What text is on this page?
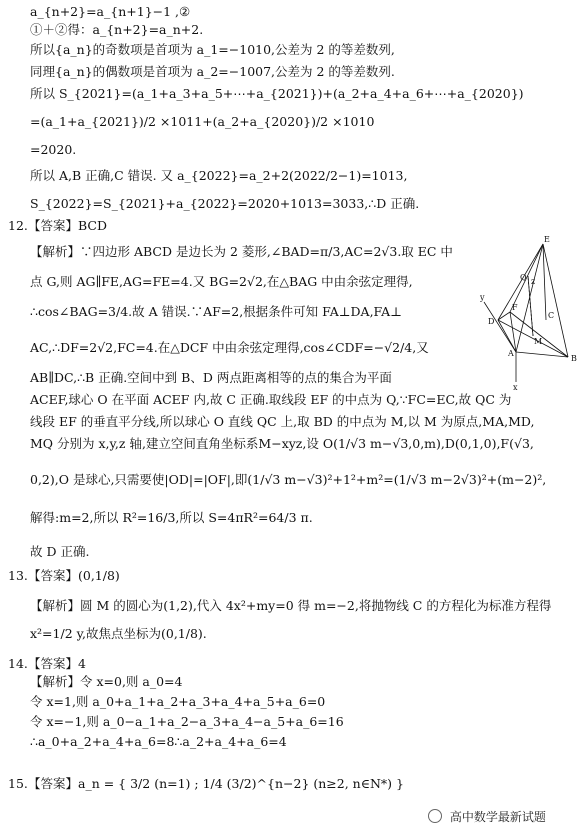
a_{n+2}=a_{n+1}−1 ,②
①＋②得：a_{n+2}=a_n+2.
所以{a_n}的奇数项是首项为 a_1=−1010,公差为 2 的等差数列,
同理{a_n}的偶数项是首项为 a_2=−1007,公差为 2 的等差数列.
所以 S_{2021}=(a_1+a_3+a_5+⋯+a_{2021})+(a_2+a_4+a_6+⋯+a_{2020})
=(a_1+a_{2021})/2 ×1011+(a_2+a_{2020})/2 ×1010
=2020.
所以 A,B 正确,C 错误. 又 a_{2022}=a_2+2(2022/2−1)=1013,
S_{2022}=S_{2021}+a_{2022}=2020+1013=3033,∴D 正确.
12. 【答案】BCD
【解析】∵四边形 ABCD 是边长为 2 菱形,∠BAD=π/3,AC=2√3.取 EC 中
点 G,则 AG∥FE,AG=FE=4.又 BG=2√2,在△BAG 中由余弦定理得,
∴cos∠BAG=3/4.故 A 错误.∵AF=2,根据条件可知 FA⊥DA,FA⊥
AC,∴DF=2√2,FC=4.在△DCF 中由余弦定理得,cos∠CDF=−√2/4,又
AB∥DC,∴B 正确.空间中到 B、D 两点距离相等的点的集合为平面
ACEF,球心 O 在平面 ACEF 内,故 C 正确.取线段 EF 的中点为 Q,∵FC=EC,故 QC 为
线段 EF 的垂直平分线,所以球心 O 直线 QC 上,取 BD 的中点为 M,以 M 为原点,MA,MD,
MQ 分别为 x,y,z 轴,建立空间直角坐标系M−xyz,设 O(1/√3 m−√3,0,m),D(0,1,0),F(√3,
0,2),O 是球心,只需要使|OD|=|OF|,即(1/√3 m−√3)²+1²+m²=(1/√3 m−2√3)²+(m−2)²,
解得:m=2,所以 R²=16/3,所以 S=4πR²=64/3 π.
故 D 正确.
13. 【答案】(0,1/8)
【解析】圆 M 的圆心为(1,2),代入 4x²+my=0 得 m=−2,将抛物线 C 的方程化为标准方程得
x²=1/2 y,故焦点坐标为(0,1/8).
14. 【答案】4
【解析】令 x=0,则 a_0=4
令 x=1,则 a_0+a_1+a_2+a_3+a_4+a_5+a_6=0
令 x=−1,则 a_0−a_1+a_2−a_3+a_4−a_5+a_6=16
∴a_0+a_2+a_4+a_6=8∴a_2+a_4+a_6=4
15. 【答案】a_n = { 3/2 (n=1) ; 1/4 (3/2)^{n−2} (n≥2, n∈N*) }
E
Q
F
y
D
C
M
A
B
x
z
高中数学最新试题
